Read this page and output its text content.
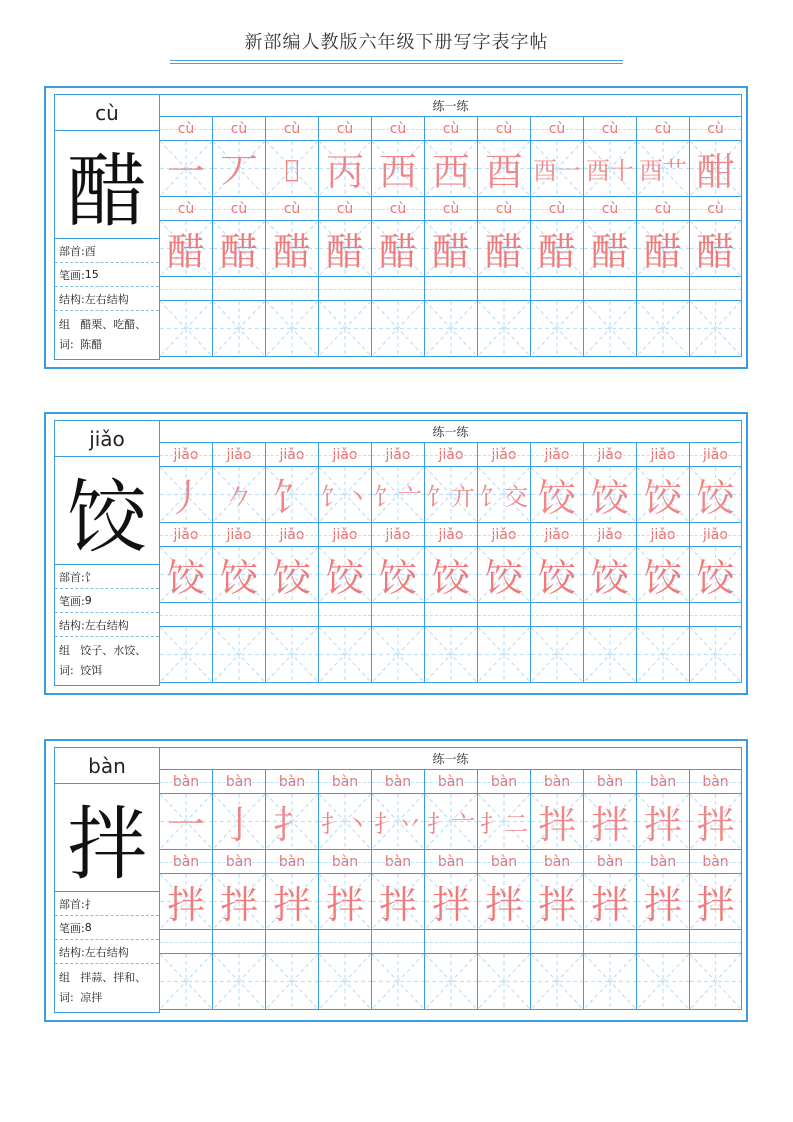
新部编人教版六年级下册写字表字帖
cù
醋
部首: 酉
笔画: 15
结构: 左右结构
组词:
醋栗、吃醋、陈醋
练一练
cù	cù	cù	cù	cù	cù	cù	cù	cù	cù	cù
一 丆	𠀆 丙 西 西 酉 酉一 酉十 酉艹 酣
cù	cù	cù	cù	cù	cù	cù	cù	cù	cù	cù
醋 醋 醋 醋 醋 醋 醋 醋 醋 醋 醋
jiǎo
饺
部首: 饣
笔画: 9
结构: 左右结构
组词:
饺子、水饺、饺饵
练一练
jiǎo jiǎo jiǎo jiǎo jiǎo jiǎo jiǎo jiǎo jiǎo jiǎo jiǎo
丿 𠂊 饣 饣丶 饣亠 饣亣 饣交 饺 饺 饺 饺
jiǎo jiǎo jiǎo jiǎo jiǎo jiǎo jiǎo jiǎo jiǎo jiǎo jiǎo
饺 饺 饺 饺 饺 饺 饺 饺 饺 饺 饺
bàn
拌
部首: 扌
笔画: 8
结构: 左右结构
组词:
拌蒜、拌和、凉拌
练一练
bàn bàn bàn bàn bàn bàn bàn bàn bàn bàn bàn
一 亅 扌 扌丶 扌丷 扌亠 扌二 拌 拌 拌 拌
bàn bàn bàn bàn bàn bàn bàn bàn bàn bàn bàn
拌 拌 拌 拌 拌 拌 拌 拌 拌 拌 拌
